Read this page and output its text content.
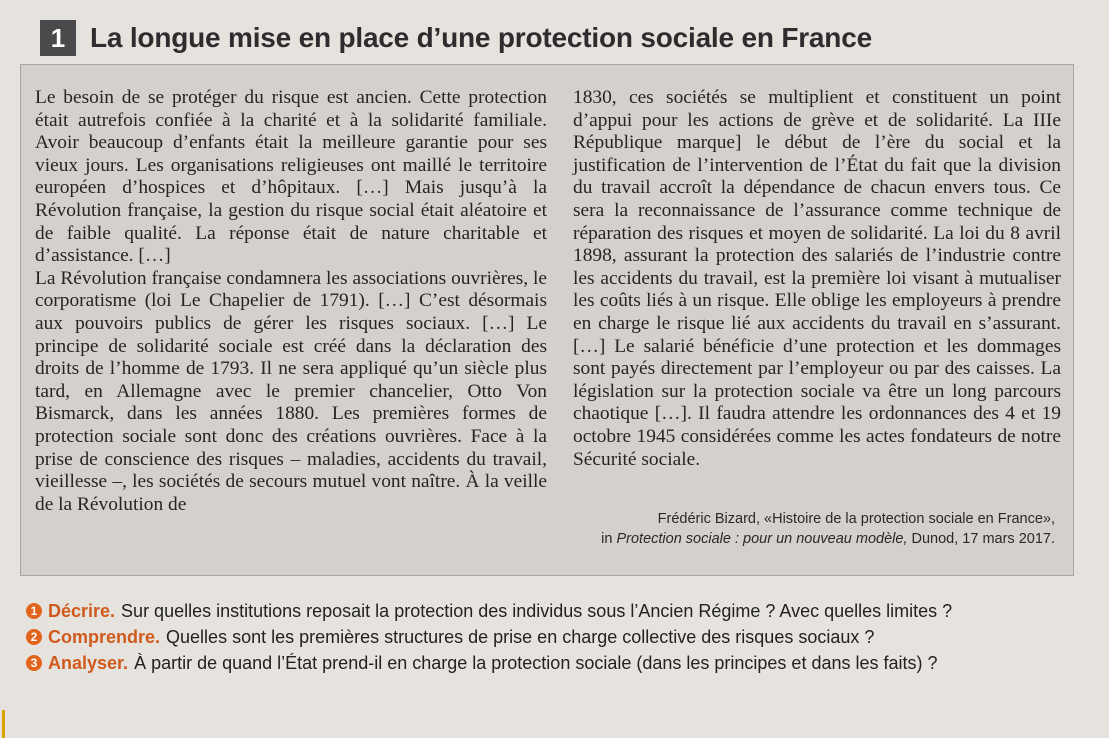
1 La longue mise en place d’une protection sociale en France

Le besoin de se protéger du risque est ancien. Cette protection était autrefois confiée à la charité et à la solidarité familiale. Avoir beaucoup d’enfants était la meilleure garantie pour ses vieux jours. Les organisations religieuses ont maillé le territoire européen d’hospices et d’hôpitaux. […] Mais jusqu’à la Révolution française, la gestion du risque social était aléatoire et de faible qualité. La réponse était de nature charitable et d’assistance. […]

La Révolution française condamnera les associations ouvrières, le corporatisme (loi Le Chapelier de 1791). […] C’est désormais aux pouvoirs publics de gérer les risques sociaux. […] Le principe de solidarité sociale est créé dans la déclaration des droits de l’homme de 1793. Il ne sera appliqué qu’un siècle plus tard, en Allemagne avec le premier chancelier, Otto Von Bismarck, dans les années 1880. Les premières formes de protection sociale sont donc des créations ouvrières. Face à la prise de conscience des risques – maladies, accidents du travail, vieillesse –, les sociétés de secours mutuel vont naître. À la veille de la Révolution de

1830, ces sociétés se multiplient et constituent un point d’appui pour les actions de grève et de solidarité. La IIIe République marque] le début de l’ère du social et la justification de l’intervention de l’État du fait que la division du travail accroît la dépendance de chacun envers tous. Ce sera la reconnaissance de l’assurance comme technique de réparation des risques et moyen de solidarité. La loi du 8 avril 1898, assurant la protection des salariés de l’industrie contre les accidents du travail, est la première loi visant à mutualiser les coûts liés à un risque. Elle oblige les employeurs à prendre en charge le risque lié aux accidents du travail en s’assurant. […] Le salarié bénéficie d’une protection et les dommages sont payés directement par l’employeur ou par des caisses. La législation sur la protection sociale va être un long parcours chaotique […]. Il faudra attendre les ordonnances des 4 et 19 octobre 1945 considérées comme les actes fondateurs de notre Sécurité sociale.

Frédéric Bizard, «Histoire de la protection sociale en France»,
in Protection sociale : pour un nouveau modèle, Dunod, 17 mars 2017.
1 Décrire. Sur quelles institutions reposait la protection des individus sous l’Ancien Régime ? Avec quelles limites ?
2 Comprendre. Quelles sont les premières structures de prise en charge collective des risques sociaux ?
3 Analyser. À partir de quand l’État prend-il en charge la protection sociale (dans les principes et dans les faits) ?
